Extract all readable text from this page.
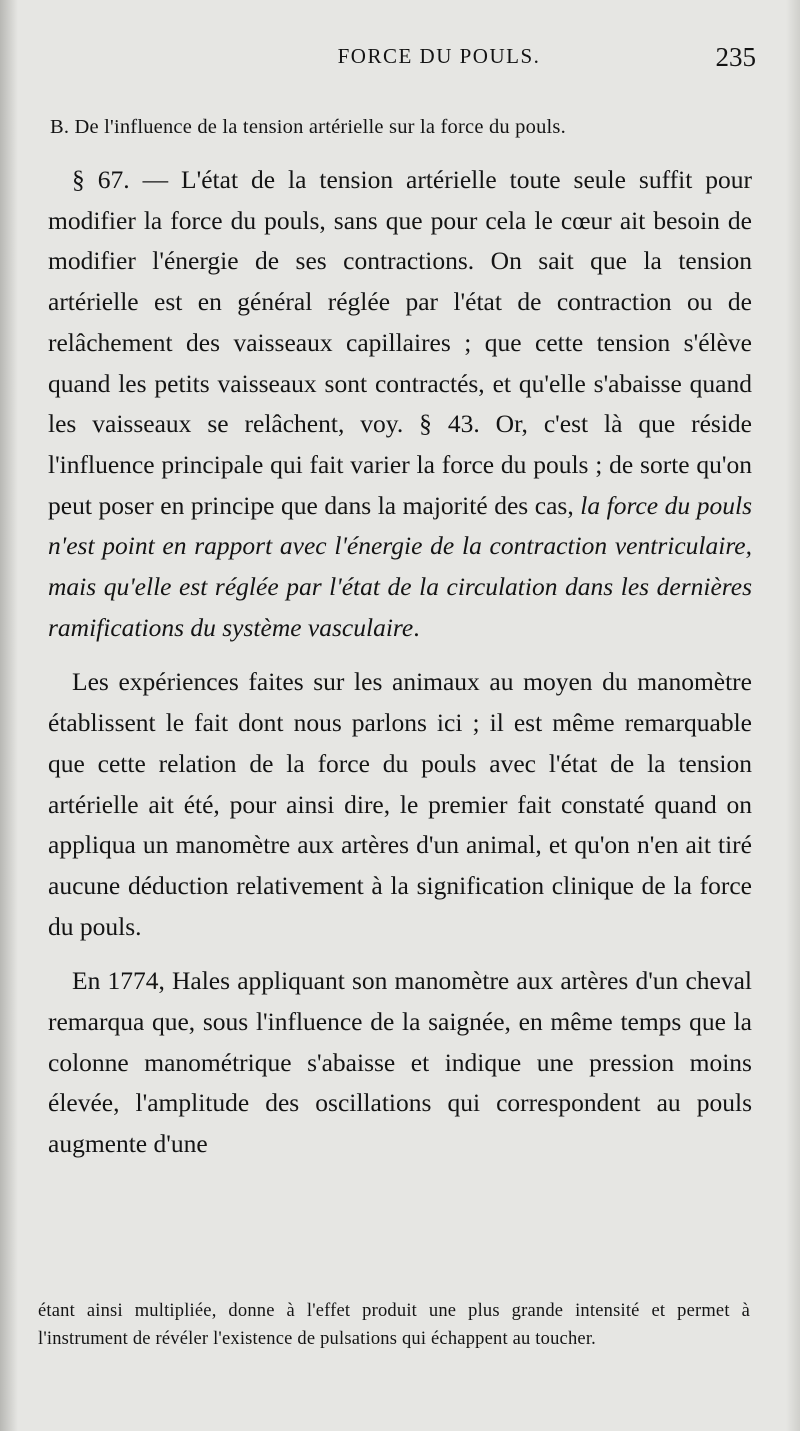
FORCE DU POULS.	235
B. De l'influence de la tension artérielle sur la force du pouls.

§ 67. — L'état de la tension artérielle toute seule suffit pour modifier la force du pouls, sans que pour cela le cœur ait besoin de modifier l'énergie de ses contractions. On sait que la tension artérielle est en général réglée par l'état de contraction ou de relâchement des vaisseaux capillaires ; que cette tension s'élève quand les petits vaisseaux sont contractés, et qu'elle s'abaisse quand les vaisseaux se relâchent, voy. § 43. Or, c'est là que réside l'influence principale qui fait varier la force du pouls ; de sorte qu'on peut poser en principe que dans la majorité des cas, la force du pouls n'est point en rapport avec l'énergie de la contraction ventriculaire, mais qu'elle est réglée par l'état de la circulation dans les dernières ramifications du système vasculaire.

Les expériences faites sur les animaux au moyen du manomètre établissent le fait dont nous parlons ici ; il est même remarquable que cette relation de la force du pouls avec l'état de la tension artérielle ait été, pour ainsi dire, le premier fait constaté quand on appliqua un manomètre aux artères d'un animal, et qu'on n'en ait tiré aucune déduction relativement à la signification clinique de la force du pouls.

En 1774, Hales appliquant son manomètre aux artères d'un cheval remarqua que, sous l'influence de la saignée, en même temps que la colonne manométrique s'abaisse et indique une pression moins élevée, l'amplitude des oscillations qui correspondent au pouls augmente d'une

étant ainsi multipliée, donne à l'effet produit une plus grande intensité et permet à l'instrument de révéler l'existence de pulsations qui échappent au toucher.
